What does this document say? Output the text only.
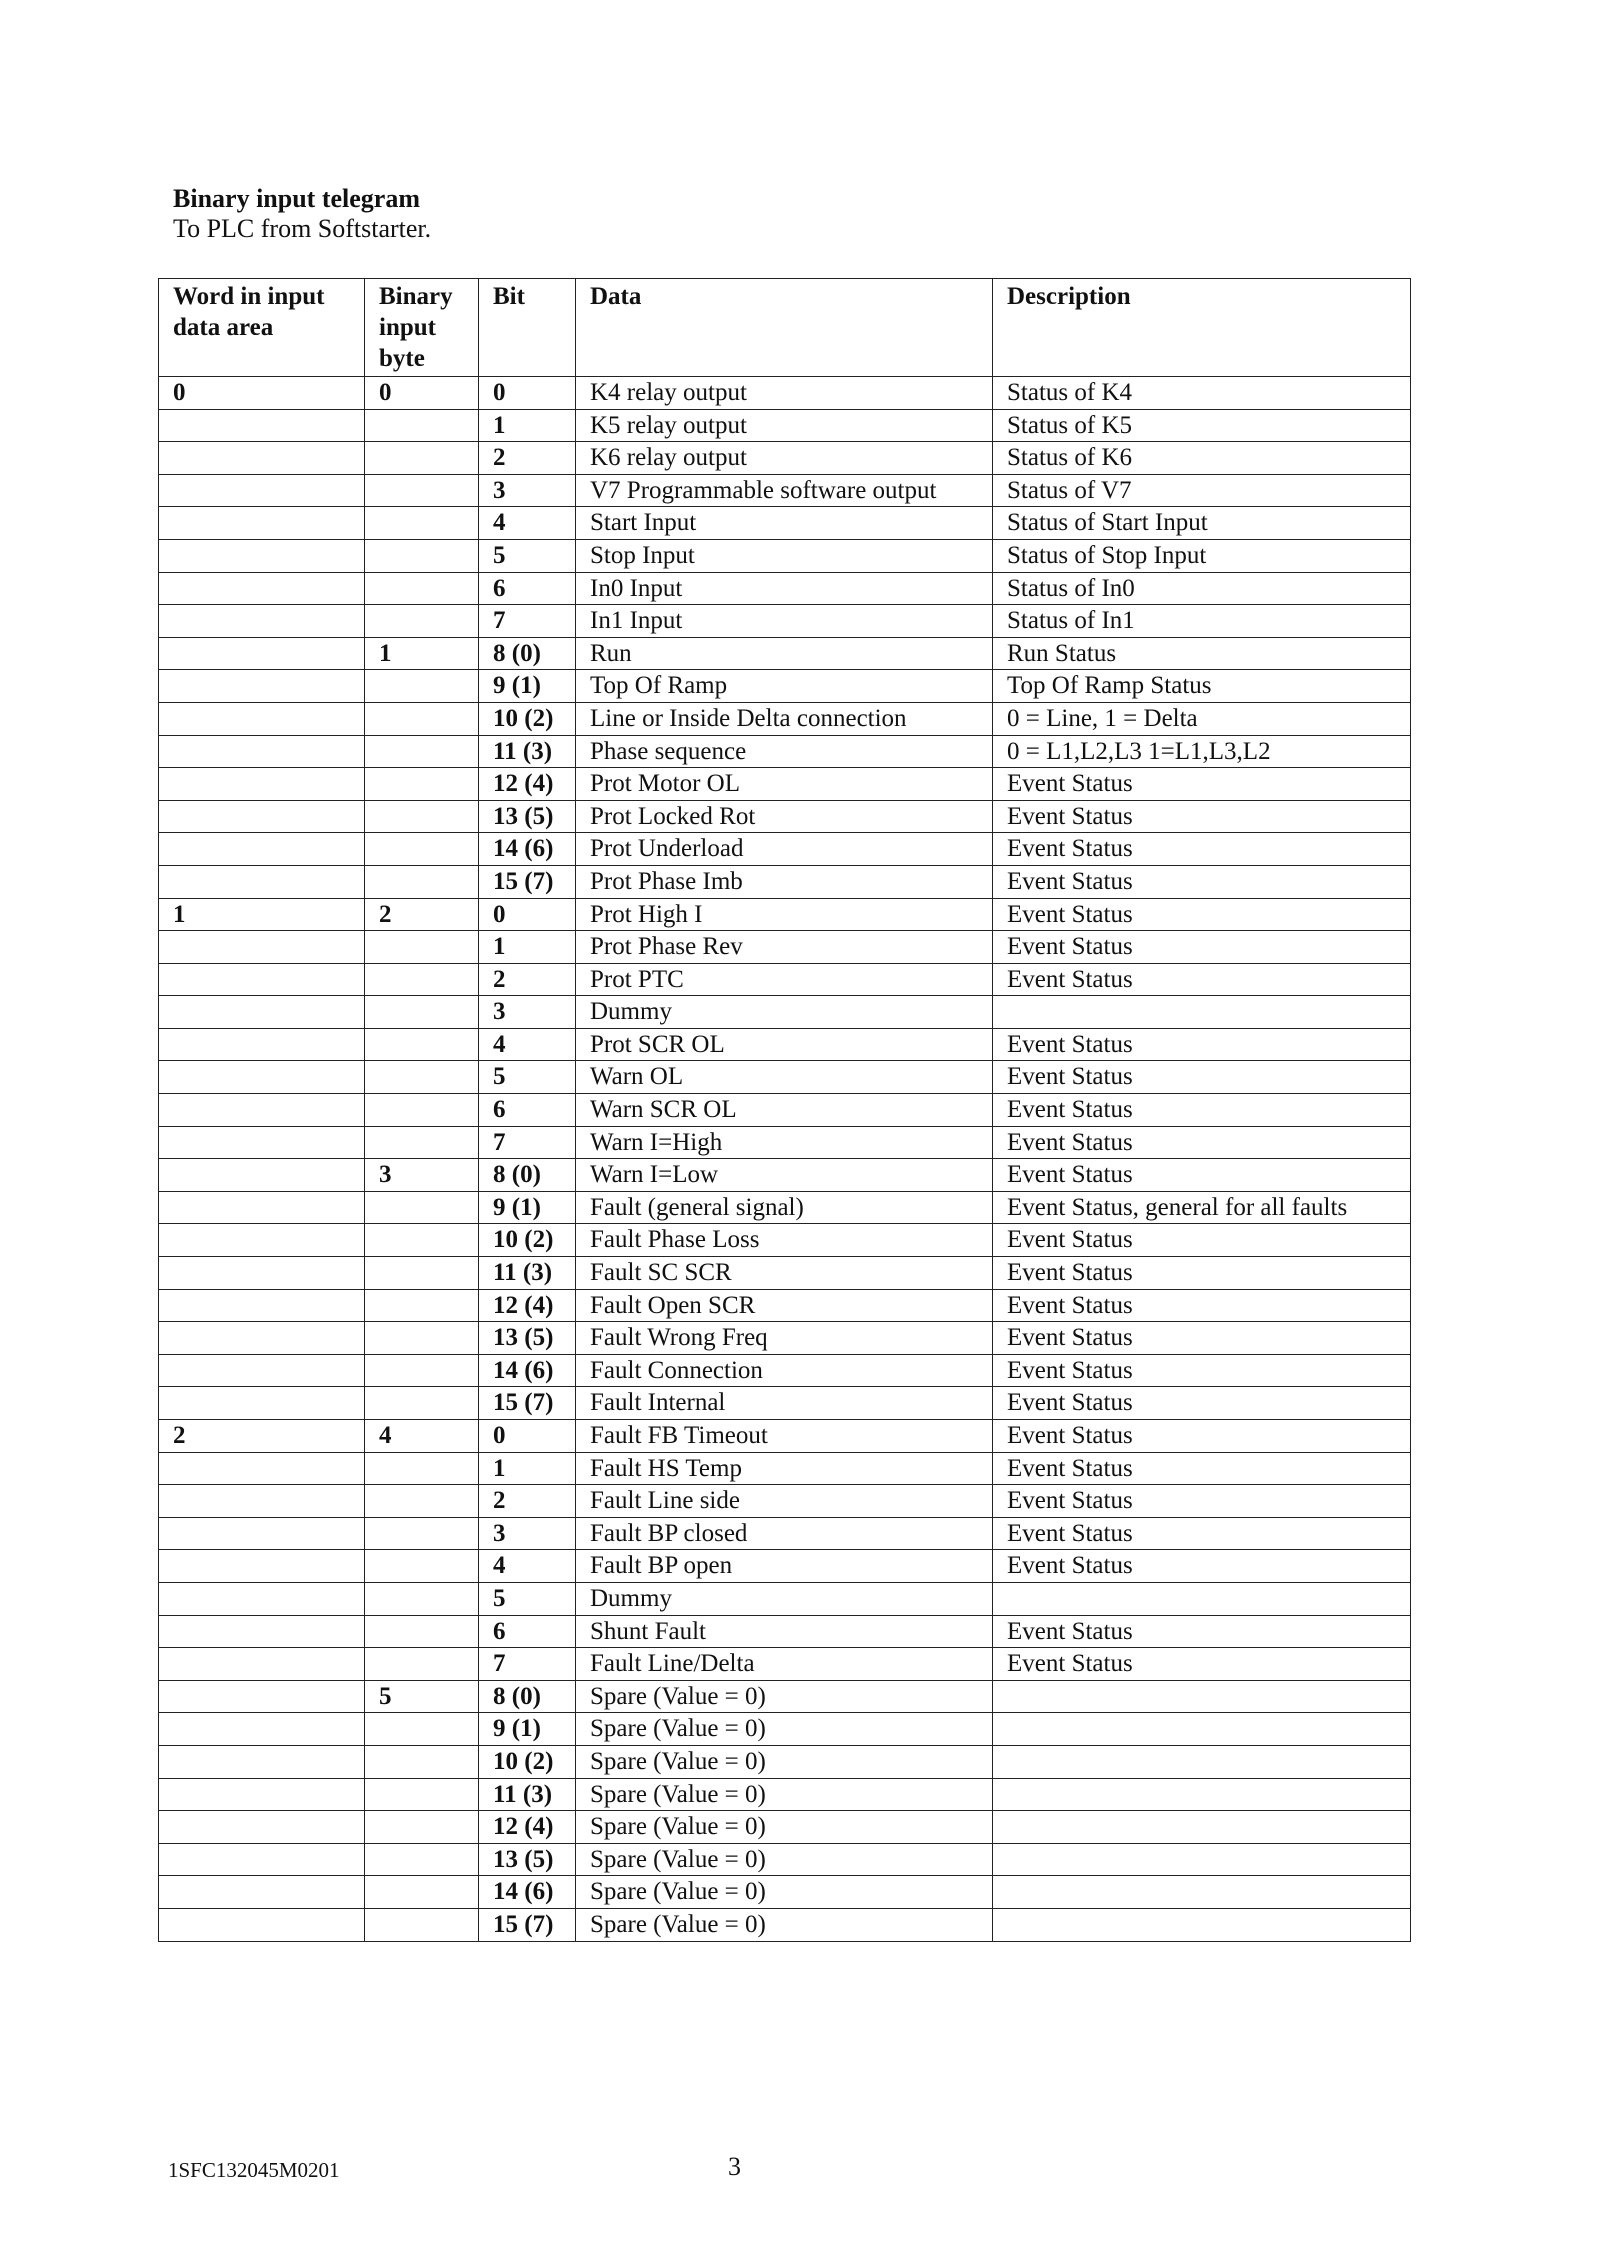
Binary input telegram
To PLC from Softstarter.
Word in input data area	Binary input byte	Bit	Data	Description
0	0	0	K4 relay output	Status of K4
		1	K5 relay output	Status of K5
		2	K6 relay output	Status of K6
		3	V7 Programmable software output	Status of V7
		4	Start Input	Status of Start Input
		5	Stop Input	Status of Stop Input
		6	In0 Input	Status of In0
		7	In1 Input	Status of In1
	1	8 (0)	Run	Run Status
		9 (1)	Top Of Ramp	Top Of Ramp Status
		10 (2)	Line or Inside Delta connection	0 = Line, 1 = Delta
		11 (3)	Phase sequence	0 = L1,L2,L3 1=L1,L3,L2
		12 (4)	Prot Motor OL	Event Status
		13 (5)	Prot Locked Rot	Event Status
		14 (6)	Prot Underload	Event Status
		15 (7)	Prot Phase Imb	Event Status
1	2	0	Prot High I	Event Status
		1	Prot Phase Rev	Event Status
		2	Prot PTC	Event Status
		3	Dummy	
		4	Prot SCR OL	Event Status
		5	Warn OL	Event Status
		6	Warn SCR OL	Event Status
		7	Warn I=High	Event Status
	3	8 (0)	Warn I=Low	Event Status
		9 (1)	Fault (general signal)	Event Status, general for all faults
		10 (2)	Fault Phase Loss	Event Status
		11 (3)	Fault SC SCR	Event Status
		12 (4)	Fault Open SCR	Event Status
		13 (5)	Fault Wrong Freq	Event Status
		14 (6)	Fault Connection	Event Status
		15 (7)	Fault Internal	Event Status
2	4	0	Fault FB Timeout	Event Status
		1	Fault HS Temp	Event Status
		2	Fault Line side	Event Status
		3	Fault BP closed	Event Status
		4	Fault BP open	Event Status
		5	Dummy	
		6	Shunt Fault	Event Status
		7	Fault Line/Delta	Event Status
	5	8 (0)	Spare (Value = 0)	
		9 (1)	Spare (Value = 0)	
		10 (2)	Spare (Value = 0)	
		11 (3)	Spare (Value = 0)	
		12 (4)	Spare (Value = 0)	
		13 (5)	Spare (Value = 0)	
		14 (6)	Spare (Value = 0)	
		15 (7)	Spare (Value = 0)	
1SFC132045M0201	3
